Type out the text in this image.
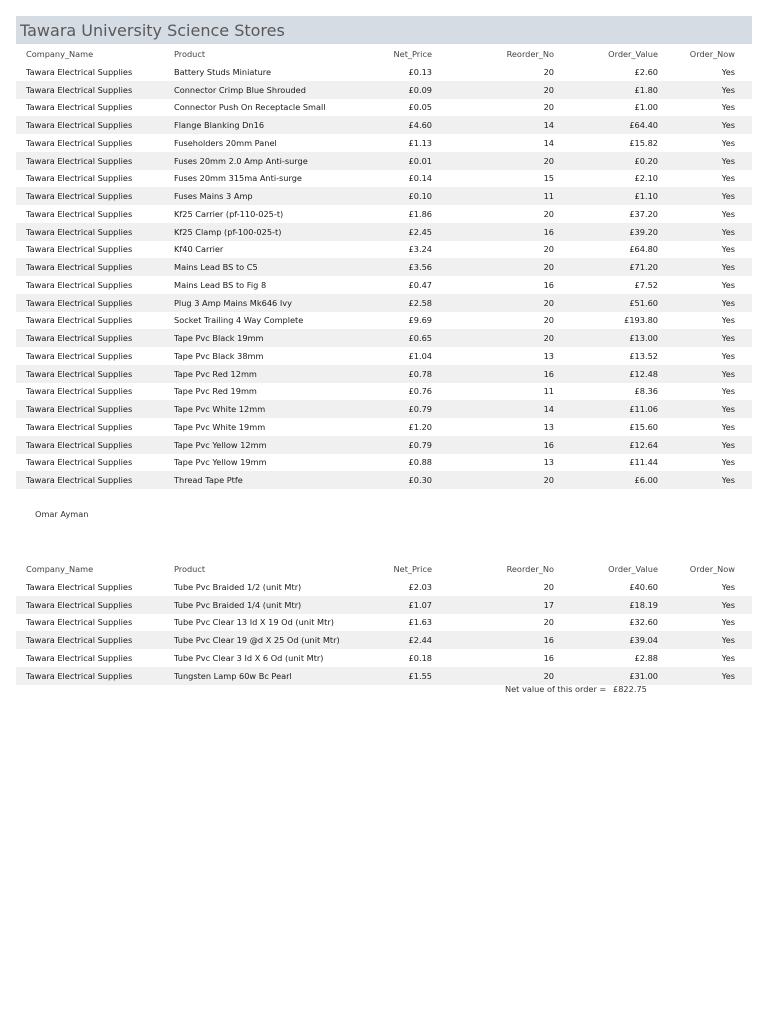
Tawara University Science Stores
Company_Name	Product	Net_Price	Reorder_No	Order_Value	Order_Now
Tawara Electrical Supplies	Battery Studs Miniature	£0.13	20	£2.60	Yes
Tawara Electrical Supplies	Connector Crimp Blue Shrouded	£0.09	20	£1.80	Yes
Tawara Electrical Supplies	Connector Push On Receptacle Small	£0.05	20	£1.00	Yes
Tawara Electrical Supplies	Flange Blanking Dn16	£4.60	14	£64.40	Yes
Tawara Electrical Supplies	Fuseholders 20mm Panel	£1.13	14	£15.82	Yes
Tawara Electrical Supplies	Fuses 20mm 2.0 Amp Anti-surge	£0.01	20	£0.20	Yes
Tawara Electrical Supplies	Fuses 20mm 315ma Anti-surge	£0.14	15	£2.10	Yes
Tawara Electrical Supplies	Fuses Mains 3 Amp	£0.10	11	£1.10	Yes
Tawara Electrical Supplies	Kf25 Carrier (pf-110-025-t)	£1.86	20	£37.20	Yes
Tawara Electrical Supplies	Kf25 Clamp (pf-100-025-t)	£2.45	16	£39.20	Yes
Tawara Electrical Supplies	Kf40 Carrier	£3.24	20	£64.80	Yes
Tawara Electrical Supplies	Mains Lead BS to C5	£3.56	20	£71.20	Yes
Tawara Electrical Supplies	Mains Lead BS to Fig 8	£0.47	16	£7.52	Yes
Tawara Electrical Supplies	Plug 3 Amp Mains Mk646 Ivy	£2.58	20	£51.60	Yes
Tawara Electrical Supplies	Socket Trailing 4 Way Complete	£9.69	20	£193.80	Yes
Tawara Electrical Supplies	Tape Pvc Black 19mm	£0.65	20	£13.00	Yes
Tawara Electrical Supplies	Tape Pvc Black 38mm	£1.04	13	£13.52	Yes
Tawara Electrical Supplies	Tape Pvc Red 12mm	£0.78	16	£12.48	Yes
Tawara Electrical Supplies	Tape Pvc Red 19mm	£0.76	11	£8.36	Yes
Tawara Electrical Supplies	Tape Pvc White 12mm	£0.79	14	£11.06	Yes
Tawara Electrical Supplies	Tape Pvc White 19mm	£1.20	13	£15.60	Yes
Tawara Electrical Supplies	Tape Pvc Yellow 12mm	£0.79	16	£12.64	Yes
Tawara Electrical Supplies	Tape Pvc Yellow 19mm	£0.88	13	£11.44	Yes
Tawara Electrical Supplies	Thread Tape Ptfe	£0.30	20	£6.00	Yes
Omar Ayman
Company_Name	Product	Net_Price	Reorder_No	Order_Value	Order_Now
Tawara Electrical Supplies	Tube Pvc Braided 1/2 (unit Mtr)	£2.03	20	£40.60	Yes
Tawara Electrical Supplies	Tube Pvc Braided 1/4 (unit Mtr)	£1.07	17	£18.19	Yes
Tawara Electrical Supplies	Tube Pvc Clear 13 Id X 19 Od (unit Mtr)	£1.63	20	£32.60	Yes
Tawara Electrical Supplies	Tube Pvc Clear 19 @d X 25 Od (unit Mtr)	£2.44	16	£39.04	Yes
Tawara Electrical Supplies	Tube Pvc Clear 3 Id X 6 Od (unit Mtr)	£0.18	16	£2.88	Yes
Tawara Electrical Supplies	Tungsten Lamp 60w Bc Pearl	£1.55	20	£31.00	Yes
Net value of this order = £822.75
